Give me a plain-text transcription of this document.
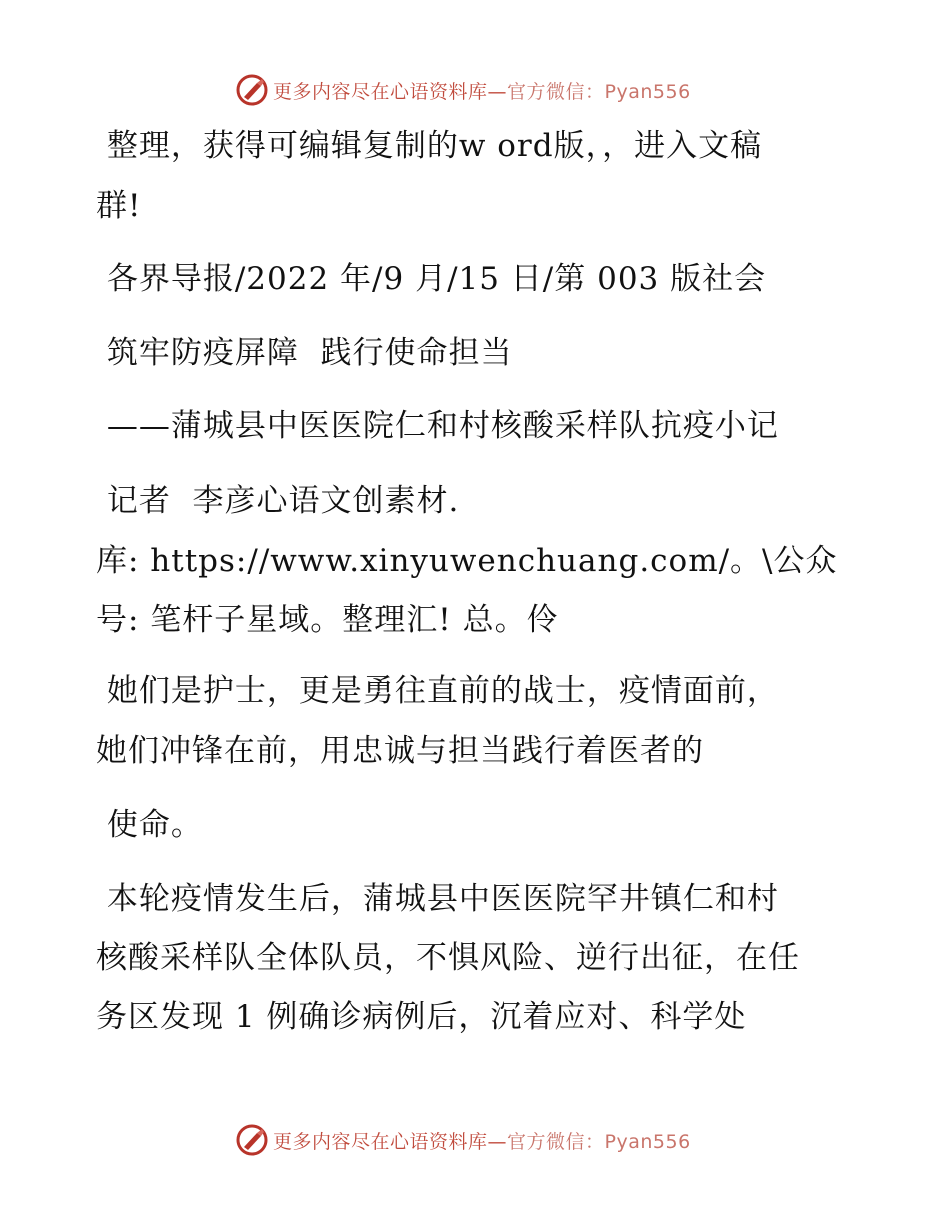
更多内容尽在心语资料库—官方微信：Pyan556
整理，获得可编辑复制的w ord版，，进入文稿
群!
各界导报/2022 年/9 月/15 日/第 003 版社会
筑牢防疫屏障  践行使命担当
——蒲城县中医医院仁和村核酸采样队抗疫小记
记者  李彦心语文创素材.
库: https://www.xinyuwenchuang.com/。\公众
号: 笔杆子星域。整理汇! 总。伶
她们是护士，更是勇往直前的战士，疫情面前，
她们冲锋在前，用忠诚与担当践行着医者的
使命。
本轮疫情发生后，蒲城县中医医院罕井镇仁和村
核酸采样队全体队员，不惧风险、逆行出征，在任
务区发现 1 例确诊病例后，沉着应对、科学处
更多内容尽在心语资料库—官方微信：Pyan556
